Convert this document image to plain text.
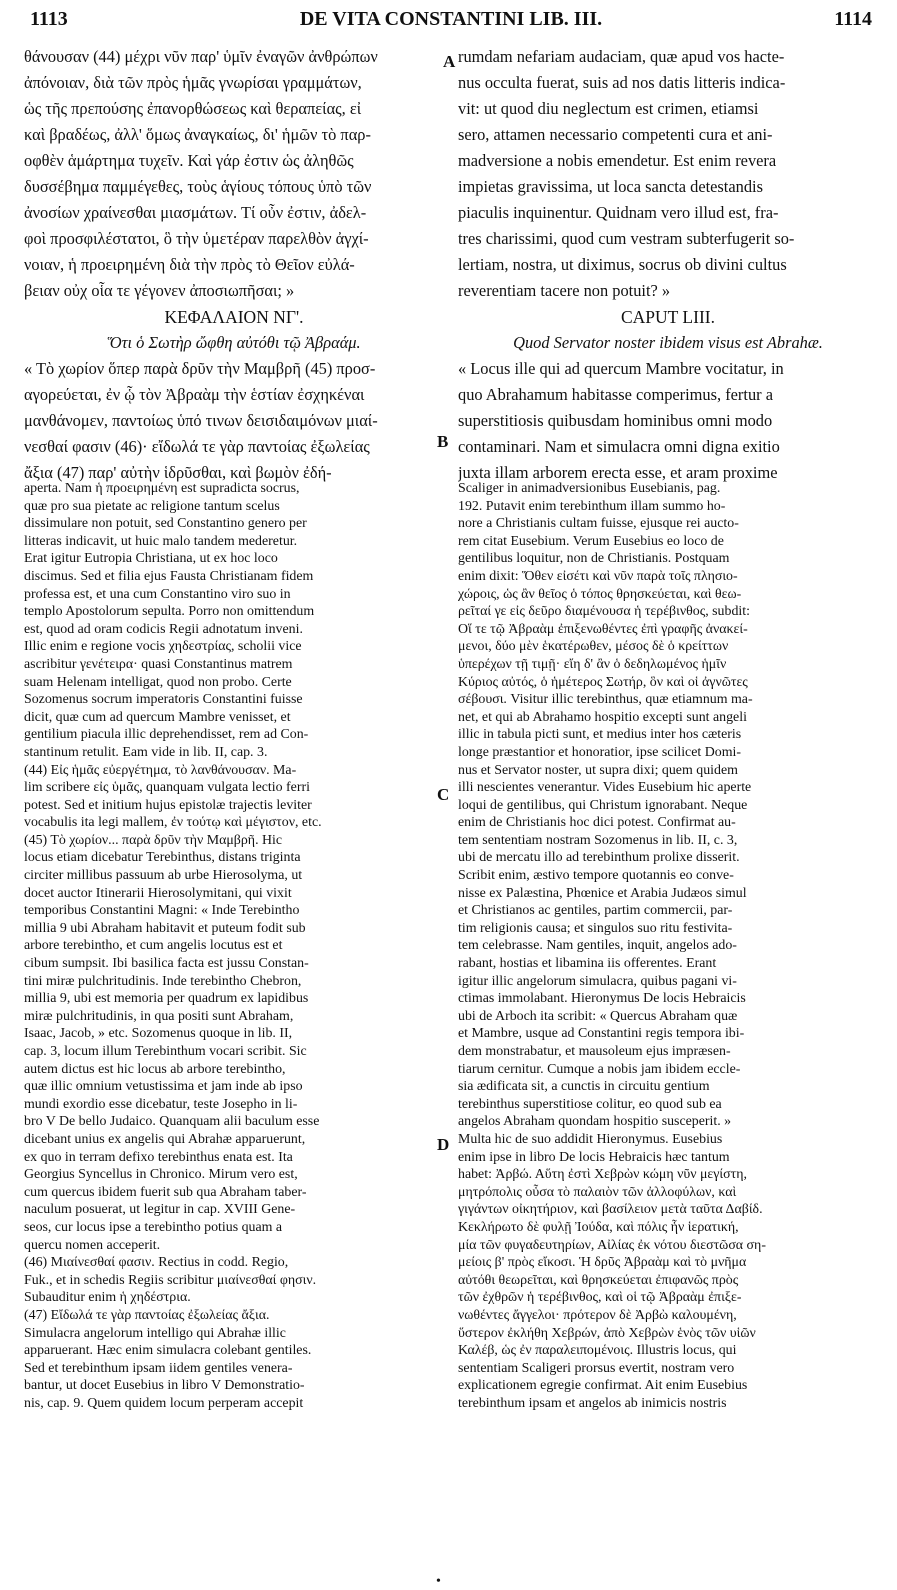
1113	DE VITA CONSTANTINI LIB. III.	1114

θάνουσαν (44) μέχρι νῦν παρ' ὑμῖν ἐναγῶν ἀνθρώπων

ἀπόνοιαν, διὰ τῶν πρὸς ἡμᾶς γνωρίσαι γραμμάτων,

ὡς τῆς πρεπούσης ἐπανορθώσεως καὶ θεραπείας, εἰ

καὶ βραδέως, ἀλλ' ὅμως ἀναγκαίως, δι' ἡμῶν τὸ παρ-

οφθὲν ἁμάρτημα τυχεῖν. Καὶ γάρ ἐστιν ὡς ἀληθῶς

δυσσέβημα παμμέγεθες, τοὺς ἁγίους τόπους ὑπὸ τῶν

ἀνοσίων χραίνεσθαι μιασμάτων. Τί οὖν ἐστιν, ἀδελ-

φοὶ προσφιλέστατοι, ὃ τὴν ὑμετέραν παρελθὸν ἀγχί-

νοιαν, ἡ προειρημένη διὰ τὴν πρὸς τὸ Θεῖον εὐλά-

βειαν οὐχ οἷα τε γέγονεν ἀποσιωπῆσαι; »

ΚΕΦΑΛΑΙΟΝ ΝΓ'.

Ὅτι ὁ Σωτὴρ ὤφθη αὐτόθι τῷ Ἀβραάμ.

« Τὸ χωρίον ὅπερ παρὰ δρῦν τὴν Μαμβρῆ (45) προσ-

αγορεύεται, ἐν ᾧ τὸν Ἀβραὰμ τὴν ἑστίαν ἐσχηκέναι

μανθάνομεν, παντοίως ὑπό τινων δεισιδαιμόνων μιαί-

νεσθαί φασιν (46)· εἴδωλά τε γὰρ παντοίας ἐξωλείας

ἄξια (47) παρ' αὐτὴν ἱδρῦσθαι, καὶ βωμὸν ἐδή-

rumdam nefariam audaciam, quæ apud vos hacte-

nus occulta fuerat, suis ad nos datis litteris indica-

vit: ut quod diu neglectum est crimen, etiamsi

sero, attamen necessario competenti cura et ani-

madversione a nobis emendetur. Est enim revera

impietas gravissima, ut loca sancta detestandis

piaculis inquinentur. Quidnam vero illud est, fra-

tres charissimi, quod cum vestram subterfugerit so-

lertiam, nostra, ut diximus, socrus ob divini cultus

reverentiam tacere non potuit? »

CAPUT LIII.

Quod Servator noster ibidem visus est Abrahæ.

« Locus ille qui ad quercum Mambre vocitatur, in

quo Abrahamum habitasse comperimus, fertur a

superstitiosis quibusdam hominibus omni modo

contaminari. Nam et simulacra omni digna exitio

juxta illam arborem erecta esse, et aram proxime

A
B
C
D

aperta. Nam ἡ προειρημένη est supradicta socrus,

quæ pro sua pietate ac religione tantum scelus

dissimulare non potuit, sed Constantino genero per

litteras indicavit, ut huic malo tandem mederetur.

Erat igitur Eutropia Christiana, ut ex hoc loco

discimus. Sed et filia ejus Fausta Christianam fidem

professa est, et una cum Constantino viro suo in

templo Apostolorum sepulta. Porro non omittendum

est, quod ad oram codicis Regii adnotatum inveni.

Illic enim e regione vocis χηδεστρίας, scholii vice

ascribitur γενέτειρα· quasi Constantinus matrem

suam Helenam intelligat, quod non probo. Certe

Sozomenus socrum imperatoris Constantini fuisse

dicit, quæ cum ad quercum Mambre venisset, et

gentilium piacula illic deprehendisset, rem ad Con-

stantinum retulit. Eam vide in lib. II, cap. 3.

(44) Εἰς ἡμᾶς εὐεργέτημα, τὸ λανθάνουσαν. Ma-

lim scribere εἰς ὑμᾶς, quanquam vulgata lectio ferri

potest. Sed et initium hujus epistolæ trajectis leviter

vocabulis ita legi mallem, ἐν τούτῳ καὶ μέγιστον, etc.

(45) Τὸ χωρίον... παρὰ δρῦν τὴν Μαμβρῆ. Hic

locus etiam dicebatur Terebinthus, distans triginta

circiter millibus passuum ab urbe Hierosolyma, ut

docet auctor Itinerarii Hierosolymitani, qui vixit

temporibus Constantini Magni: « Inde Terebintho

millia 9 ubi Abraham habitavit et puteum fodit sub

arbore terebintho, et cum angelis locutus est et

cibum sumpsit. Ibi basilica facta est jussu Constan-

tini miræ pulchritudinis. Inde terebintho Chebron,

millia 9, ubi est memoria per quadrum ex lapidibus

miræ pulchritudinis, in qua positi sunt Abraham,

Isaac, Jacob, » etc. Sozomenus quoque in lib. II,

cap. 3, locum illum Terebinthum vocari scribit. Sic

autem dictus est hic locus ab arbore terebintho,

quæ illic omnium vetustissima et jam inde ab ipso

mundi exordio esse dicebatur, teste Josepho in li-

bro V De bello Judaico. Quanquam alii baculum esse

dicebant unius ex angelis qui Abrahæ apparuerunt,

ex quo in terram defixo terebinthus enata est. Ita

Georgius Syncellus in Chronico. Mirum vero est,

cum quercus ibidem fuerit sub qua Abraham taber-

naculum posuerat, ut legitur in cap. XVIII Gene-

seos, cur locus ipse a terebintho potius quam a

quercu nomen acceperit.

(46) Μιαίνεσθαί φασιν. Rectius in codd. Regio,

Fuk., et in schedis Regiis scribitur μιαίνεσθαί φησιν.

Subauditur enim ἡ χηδέστρια.

(47) Εἴδωλά τε γὰρ παντοίας ἐξωλείας ἄξια.

Simulacra angelorum intelligo qui Abrahæ illic

apparuerant. Hæc enim simulacra colebant gentiles.

Sed et terebinthum ipsam iidem gentiles venera-

bantur, ut docet Eusebius in libro V Demonstratio-

nis, cap. 9. Quem quidem locum perperam accepit

Scaliger in animadversionibus Eusebianis, pag.

192. Putavit enim terebinthum illam summo ho-

nore a Christianis cultam fuisse, ejusque rei aucto-

rem citat Eusebium. Verum Eusebius eo loco de

gentilibus loquitur, non de Christianis. Postquam

enim dixit: Ὅθεν εἰσέτι καὶ νῦν παρὰ τοῖς πλησιο-

χώροις, ὡς ἂν θεῖος ὁ τόπος θρησκεύεται, καὶ θεω-

ρεῖταί γε εἰς δεῦρο διαμένουσα ἡ τερέβινθος, subdit:

Οἵ τε τῷ Ἀβραὰμ ἐπιξενωθέντες ἐπὶ γραφῆς ἀνακεί-

μενοι, δύο μὲν ἑκατέρωθεν, μέσος δὲ ὁ κρείττων

ὑπερέχων τῇ τιμῇ· εἴη δ' ἂν ὁ δεδηλωμένος ἡμῖν

Κύριος αὐτός, ὁ ἡμέτερος Σωτήρ, ὃν καὶ οἱ ἀγνῶτες

σέβουσι. Visitur illic terebinthus, quæ etiamnum ma-

net, et qui ab Abrahamo hospitio excepti sunt angeli

illic in tabula picti sunt, et medius inter hos cæteris

longe præstantior et honoratior, ipse scilicet Domi-

nus et Servator noster, ut supra dixi; quem quidem

illi nescientes venerantur. Vides Eusebium hic aperte

loqui de gentilibus, qui Christum ignorabant. Neque

enim de Christianis hoc dici potest. Confirmat au-

tem sententiam nostram Sozomenus in lib. II, c. 3,

ubi de mercatu illo ad terebinthum prolixe disserit.

Scribit enim, æstivo tempore quotannis eo conve-

nisse ex Palæstina, Phœnice et Arabia Judæos simul

et Christianos ac gentiles, partim commercii, par-

tim religionis causa; et singulos suo ritu festivita-

tem celebrasse. Nam gentiles, inquit, angelos ado-

rabant, hostias et libamina iis offerentes. Erant

igitur illic angelorum simulacra, quibus pagani vi-

ctimas immolabant. Hieronymus De locis Hebraicis

ubi de Arboch ita scribit: « Quercus Abraham quæ

et Mambre, usque ad Constantini regis tempora ibi-

dem monstrabatur, et mausoleum ejus impræsen-

tiarum cernitur. Cumque a nobis jam ibidem eccle-

sia ædificata sit, a cunctis in circuitu gentium

terebinthus superstitiose colitur, eo quod sub ea

angelos Abraham quondam hospitio susceperit. »

Multa hic de suo addidit Hieronymus. Eusebius

enim ipse in libro De locis Hebraicis hæc tantum

habet: Ἀρβώ. Αὕτη ἐστὶ Χεβρὼν κώμη νῦν μεγίστη,

μητρόπολις οὖσα τὸ παλαιὸν τῶν ἀλλοφύλων, καὶ

γιγάντων οἰκητήριον, καὶ βασίλειον μετὰ ταῦτα Δαβίδ.

Κεκλήρωτο δὲ φυλῇ Ἰούδα, καὶ πόλις ἦν ἱερατική,

μία τῶν φυγαδευτηρίων, Αἰλίας ἐκ νότου διεστῶσα ση-

μείοις β' πρὸς εἴκοσι. Ἡ δρῦς Ἀβραὰμ καὶ τὸ μνῆμα

αὐτόθι θεωρεῖται, καὶ θρησκεύεται ἐπιφανῶς πρὸς

τῶν ἐχθρῶν ἡ τερέβινθος, καὶ οἱ τῷ Ἀβραὰμ ἐπιξε-

νωθέντες ἄγγελοι· πρότερον δὲ Ἀρβὼ καλουμένη,

ὕστερον ἐκλήθη Χεβρών, ἀπὸ Χεβρὼν ἑνὸς τῶν υἱῶν

Καλέβ, ὡς ἐν παραλειπομένοις. Illustris locus, qui

sententiam Scaligeri prorsus evertit, nostram vero

explicationem egregie confirmat. Ait enim Eusebius

terebinthum ipsam et angelos ab inimicis nostris

•
